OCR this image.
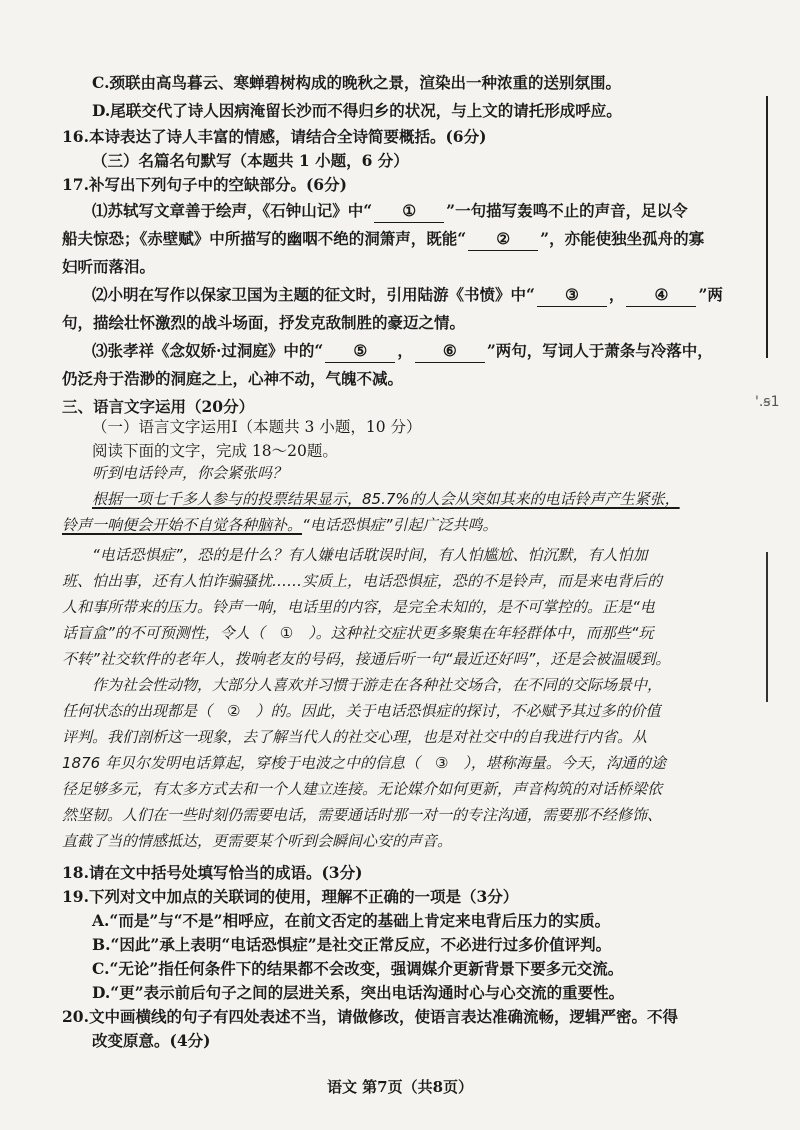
C.颈联由高鸟暮云、寒蝉碧树构成的晚秋之景，渲染出一种浓重的送别氛围。
D.尾联交代了诗人因病淹留长沙而不得归乡的状况，与上文的请托形成呼应。
16.本诗表达了诗人丰富的情感，请结合全诗简要概括。(6分)
（三）名篇名句默写（本题共 1 小题，6 分）
17.补写出下列句子中的空缺部分。(6分)
⑴苏轼写文章善于绘声，《石钟山记》中“ ① ”一句描写轰鸣不止的声音，足以令
船夫惊恐；《赤壁赋》中所描写的幽咽不绝的洞箫声，既能“ ② ”，亦能使独坐孤舟的寡
妇听而落泪。
⑵小明在写作以保家卫国为主题的征文时，引用陆游《书愤》中“ ③ ， ④ ”两
句，描绘壮怀激烈的战斗场面，抒发克敌制胜的豪迈之情。
⑶张孝祥《念奴娇·过洞庭》中的“ ⑤ ， ⑥ ”两句，写词人于萧条与冷落中，
仍泛舟于浩渺的洞庭之上，心神不动，气魄不减。
三、语言文字运用（20分）	ꞌ.ꞩ1
（一）语言文字运用Ⅰ（本题共 3 小题，10 分）
阅读下面的文字，完成 18～20题。
听到电话铃声，你会紧张吗？
根据一项七千多人参与的投票结果显示，85.7%的人会从突如其来的电话铃声产生紧张，
铃声一响便会开始不自觉各种脑补。“电话恐惧症”引起广泛共鸣。
“电话恐惧症”，恐的是什么？有人嫌电话耽误时间，有人怕尴尬、怕沉默，有人怕加
班、怕出事，还有人怕诈骗骚扰……实质上，电话恐惧症，恐的不是铃声，而是来电背后的
人和事所带来的压力。铃声一响，电话里的内容，是完全未知的，是不可掌控的。正是“电
话盲盒”的不可预测性，令人（　①　）。这种社交症状更多聚集在年轻群体中，而那些“玩
不转”社交软件的老年人，拨响老友的号码，接通后听一句“最近还好吗”，还是会被温暖到。
作为社会性动物，大部分人喜欢并习惯于游走在各种社交场合，在不同的交际场景中，
任何状态的出现都是（　②　）的。因此，关于电话恐惧症的探讨，不必赋予其过多的价值
评判。我们剖析这一现象，去了解当代人的社交心理，也是对社交中的自我进行内省。从
1876 年贝尔发明电话算起，穿梭于电波之中的信息（　③　），堪称海量。今天，沟通的途
径足够多元，有太多方式去和一个人建立连接。无论媒介如何更新，声音构筑的对话桥梁依
然坚韧。人们在一些时刻仍需要电话，需要通话时那一对一的专注沟通，需要那不经修饰、
直截了当的情感抵达，更需要某个听到会瞬间心安的声音。
18.请在文中括号处填写恰当的成语。(3分)
19.下列对文中加点的关联词的使用，理解不正确的一项是（3分）
A.“而是”与“不是”相呼应，在前文否定的基础上肯定来电背后压力的实质。
B.“因此”承上表明“电话恐惧症”是社交正常反应，不必进行过多价值评判。
C.“无论”指任何条件下的结果都不会改变，强调媒介更新背景下要多元交流。
D.“更”表示前后句子之间的层进关系，突出电话沟通时心与心交流的重要性。
语文 第7页（共8页）
20.文中画横线的句子有四处表述不当，请做修改，使语言表达准确流畅，逻辑严密。不得
改变原意。(4分)
